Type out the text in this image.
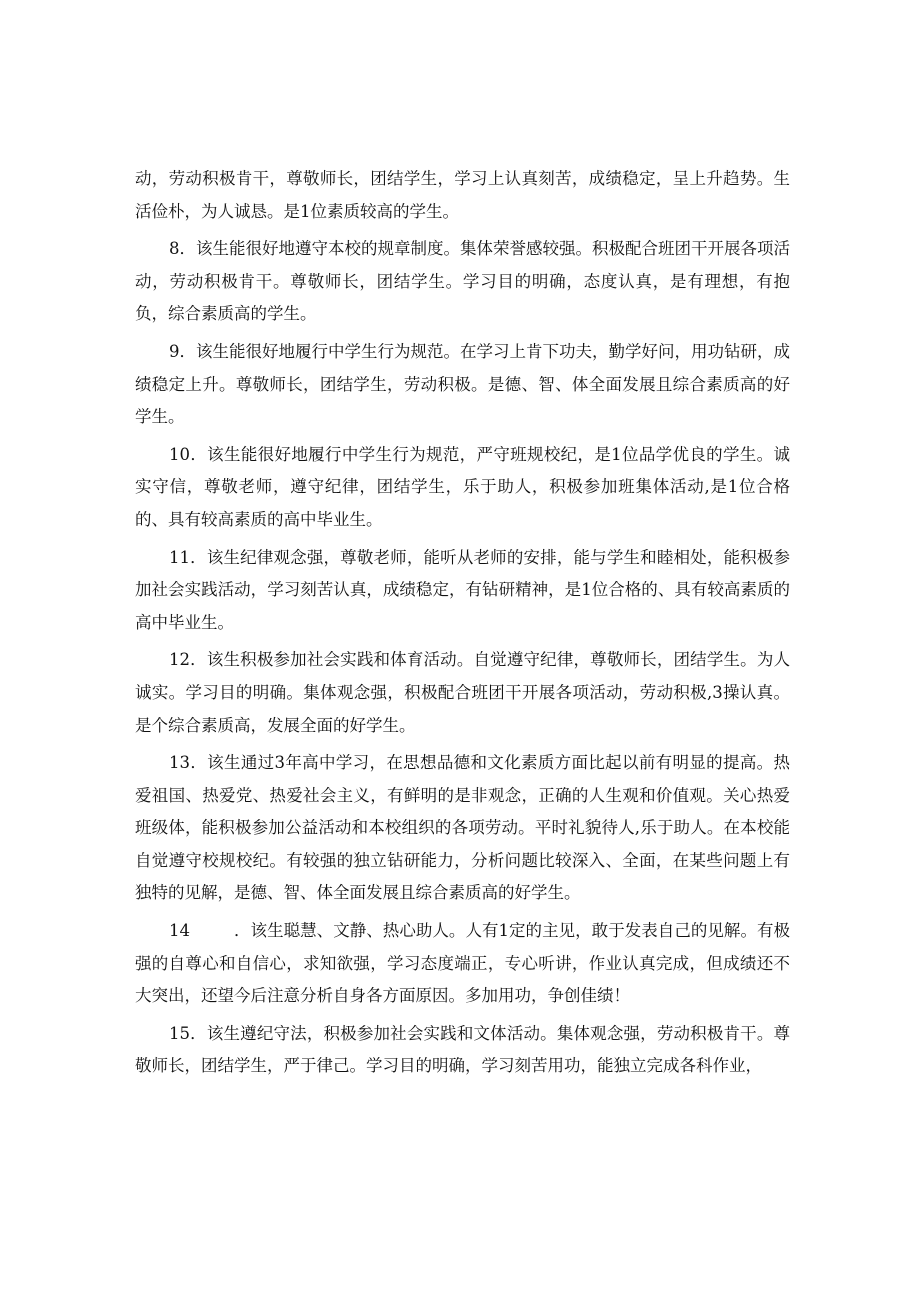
动，劳动积极肯干，尊敬师长，团结学生，学习上认真刻苦，成绩稳定，呈上升趋势。生活俭朴，为人诚恳。是1位素质较高的学生。

8．该生能很好地遵守本校的规章制度。集体荣誉感较强。积极配合班团干开展各项活动，劳动积极肯干。尊敬师长，团结学生。学习目的明确，态度认真，是有理想，有抱负，综合素质高的学生。

9．该生能很好地履行中学生行为规范。在学习上肯下功夫，勤学好问，用功钻研，成绩稳定上升。尊敬师长，团结学生，劳动积极。是德、智、体全面发展且综合素质高的好学生。

10．该生能很好地履行中学生行为规范，严守班规校纪，是1位品学优良的学生。诚实守信，尊敬老师，遵守纪律，团结学生，乐于助人，积极参加班集体活动,是1位合格的、具有较高素质的高中毕业生。

11．该生纪律观念强，尊敬老师，能听从老师的安排，能与学生和睦相处，能积极参加社会实践活动，学习刻苦认真，成绩稳定，有钻研精神，是1位合格的、具有较高素质的高中毕业生。

12．该生积极参加社会实践和体育活动。自觉遵守纪律，尊敬师长，团结学生。为人诚实。学习目的明确。集体观念强，积极配合班团干开展各项活动，劳动积极,3操认真。是个综合素质高，发展全面的好学生。

13．该生通过3年高中学习，在思想品德和文化素质方面比起以前有明显的提高。热爱祖国、热爱党、热爱社会主义，有鲜明的是非观念，正确的人生观和价值观。关心热爱班级体，能积极参加公益活动和本校组织的各项劳动。平时礼貌待人,乐于助人。在本校能自觉遵守校规校纪。有较强的独立钻研能力，分析问题比较深入、全面，在某些问题上有独特的见解，是德、智、体全面发展且综合素质高的好学生。

14	．该生聪慧、文静、热心助人。人有1定的主见，敢于发表自己的见解。有极强的自尊心和自信心，求知欲强，学习态度端正，专心听讲，作业认真完成，但成绩还不大突出，还望今后注意分析自身各方面原因。多加用功，争创佳绩！

15．该生遵纪守法，积极参加社会实践和文体活动。集体观念强，劳动积极肯干。尊敬师长，团结学生，严于律己。学习目的明确，学习刻苦用功，能独立完成各科作业，
